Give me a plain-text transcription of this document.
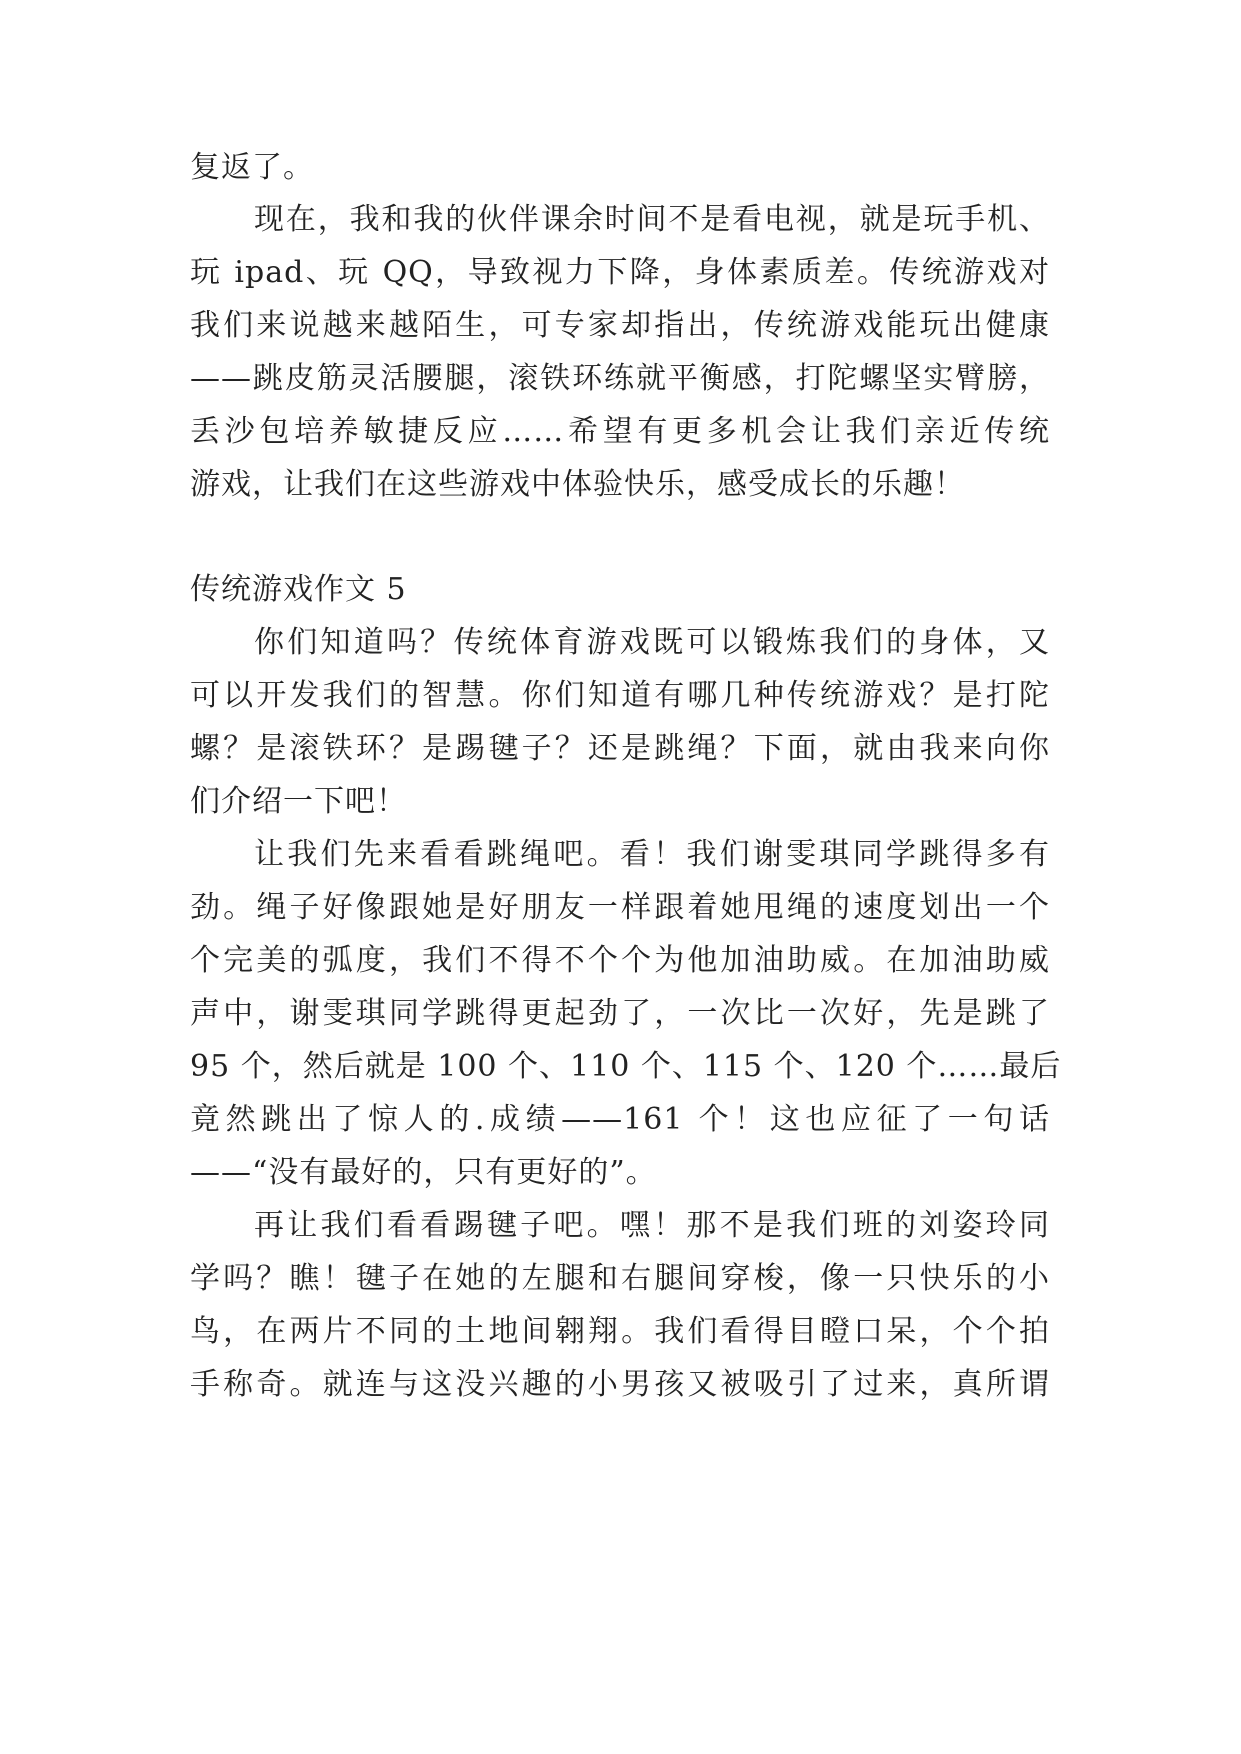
复返了。
现在，我和我的伙伴课余时间不是看电视，就是玩手机、
玩 ipad、玩 QQ，导致视力下降，身体素质差。传统游戏对
我们来说越来越陌生，可专家却指出，传统游戏能玩出健康
——跳皮筋灵活腰腿，滚铁环练就平衡感，打陀螺坚实臂膀，
丢沙包培养敏捷反应……希望有更多机会让我们亲近传统
游戏，让我们在这些游戏中体验快乐，感受成长的乐趣！
传统游戏作文 5
你们知道吗？传统体育游戏既可以锻炼我们的身体，又
可以开发我们的智慧。你们知道有哪几种传统游戏？是打陀
螺？是滚铁环？是踢毽子？还是跳绳？下面，就由我来向你
们介绍一下吧！
让我们先来看看跳绳吧。看！我们谢雯琪同学跳得多有
劲。绳子好像跟她是好朋友一样跟着她甩绳的速度划出一个
个完美的弧度，我们不得不个个为他加油助威。在加油助威
声中，谢雯琪同学跳得更起劲了，一次比一次好，先是跳了
95 个，然后就是 100 个、110 个、115 个、120 个……最后
竟然跳出了惊人的.成绩——161 个！这也应征了一句话
——“没有最好的，只有更好的”。
再让我们看看踢毽子吧。嘿！那不是我们班的刘姿玲同
学吗？瞧！毽子在她的左腿和右腿间穿梭，像一只快乐的小
鸟，在两片不同的土地间翱翔。我们看得目瞪口呆，个个拍
手称奇。就连与这没兴趣的小男孩又被吸引了过来，真所谓
